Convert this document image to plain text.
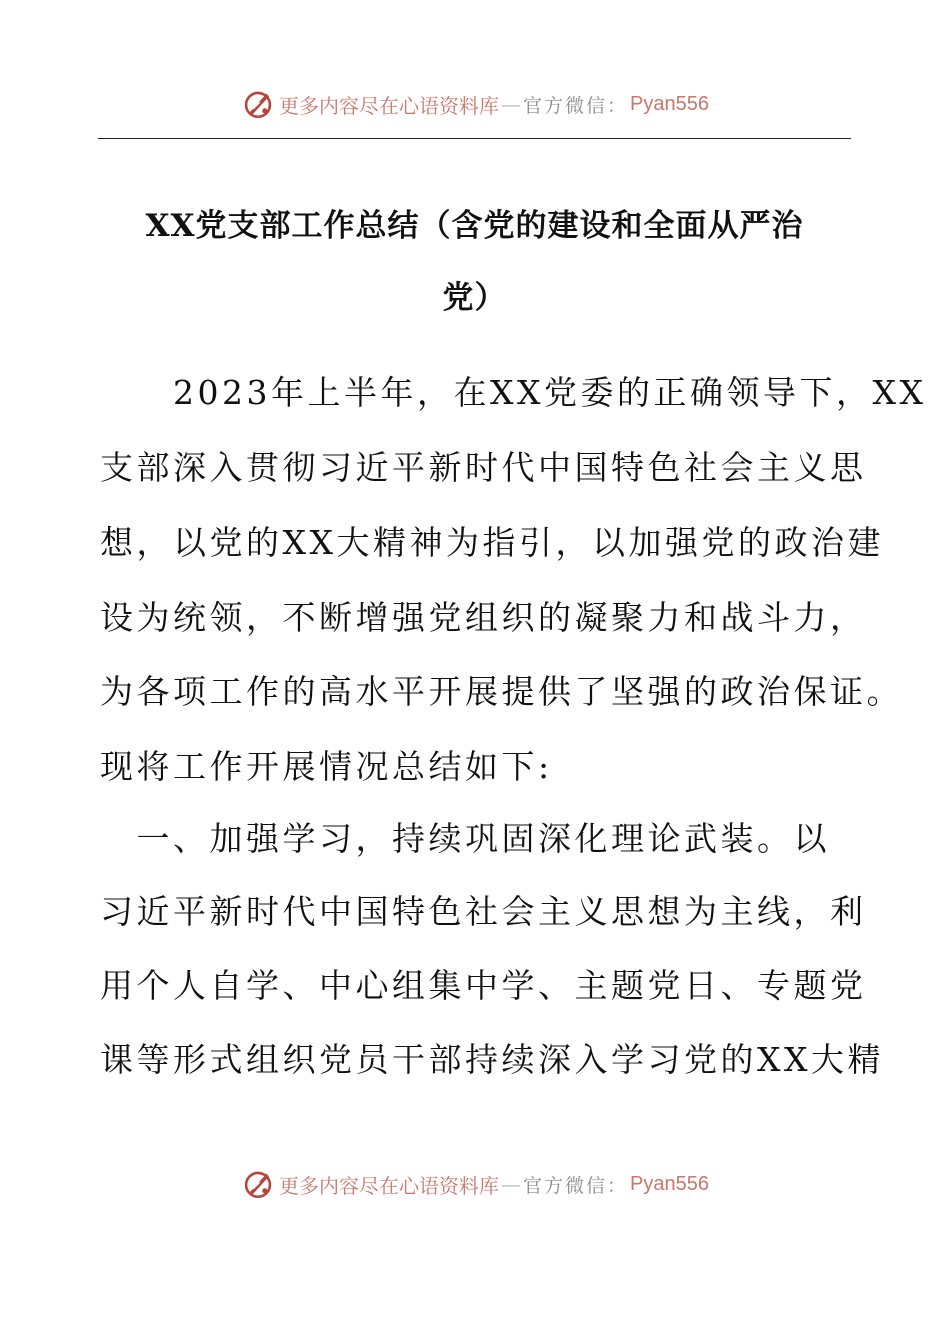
更多内容尽在心语资料库 — 官方微信： Pyan556
XX党支部工作总结（含党的建设和全面从严治
党）
　　2023年上半年，在XX党委的正确领导下，XX
支部深入贯彻习近平新时代中国特色社会主义思
想，以党的XX大精神为指引，以加强党的政治建
设为统领，不断增强党组织的凝聚力和战斗力，
为各项工作的高水平开展提供了坚强的政治保证。
现将工作开展情况总结如下:
　一、加强学习，持续巩固深化理论武装。以
习近平新时代中国特色社会主义思想为主线，利
用个人自学、中心组集中学、主题党日、专题党
课等形式组织党员干部持续深入学习党的XX大精
更多内容尽在心语资料库 — 官方微信： Pyan556
